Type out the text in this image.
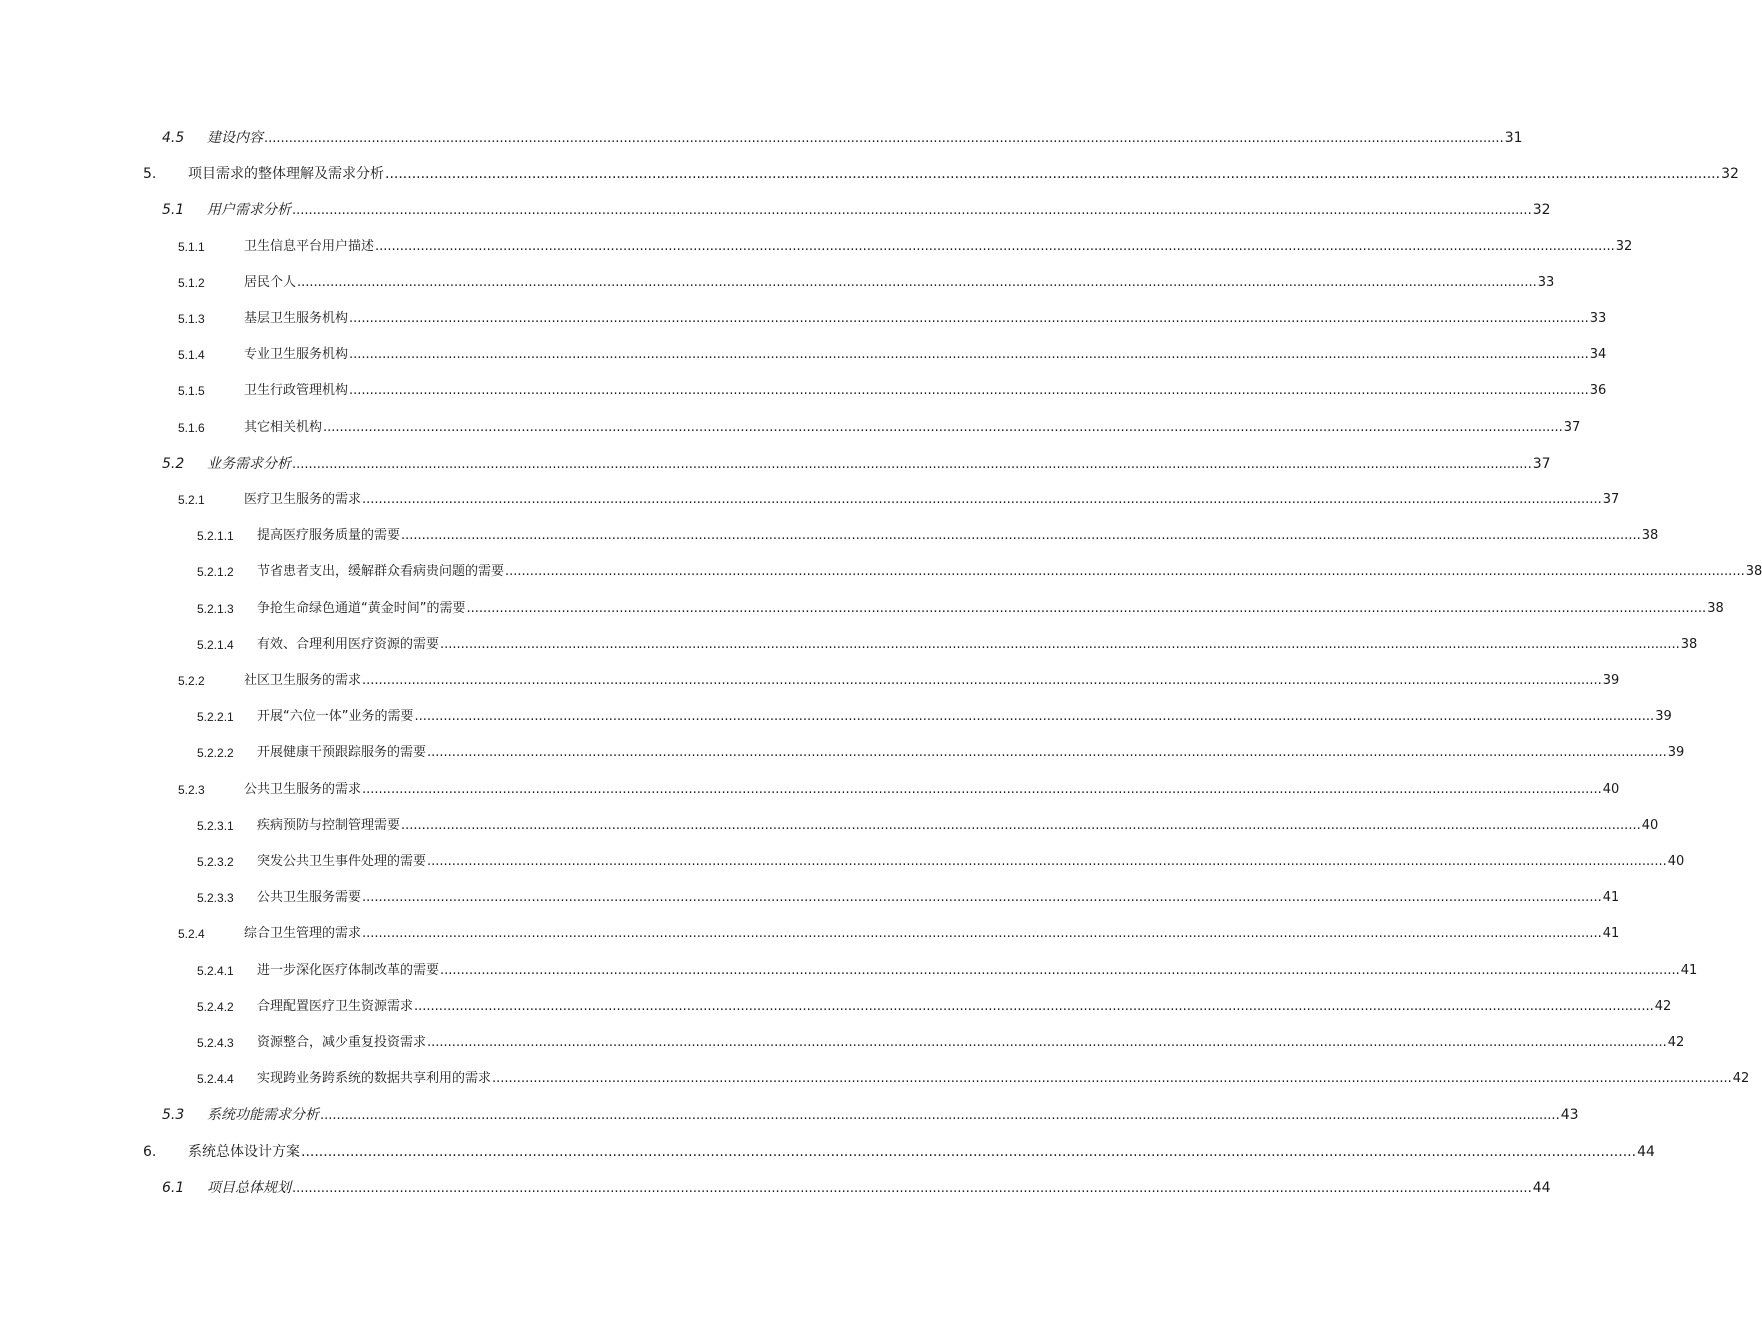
4.5 建设内容 ............................................................................................................................................................................................................................................................................................................ 31
5. 项目需求的整体理解及需求分析 ............................................................................................................................................................................................................................................................................................................ 32
5.1 用户需求分析 ............................................................................................................................................................................................................................................................................................................ 32
5.1.1	卫生信息平台用户描述 ............................................................................................................................................................................................................................................................................................................ 32
5.1.2	居民个人 ............................................................................................................................................................................................................................................................................................................ 33
5.1.3	基层卫生服务机构 ............................................................................................................................................................................................................................................................................................................ 33
5.1.4	专业卫生服务机构 ............................................................................................................................................................................................................................................................................................................ 34
5.1.5	卫生行政管理机构 ............................................................................................................................................................................................................................................................................................................ 36
5.1.6	其它相关机构 ............................................................................................................................................................................................................................................................................................................ 37
5.2 业务需求分析 ............................................................................................................................................................................................................................................................................................................ 37
5.2.1	医疗卫生服务的需求 ............................................................................................................................................................................................................................................................................................................ 37
5.2.1.1 提高医疗服务质量的需要 ............................................................................................................................................................................................................................................................................................................ 38
5.2.1.2 节省患者支出，缓解群众看病贵问题的需要 ............................................................................................................................................................................................................................................................................................................ 38
5.2.1.3 争抢生命绿色通道“黄金时间”的需要 ............................................................................................................................................................................................................................................................................................................ 38
5.2.1.4 有效、合理利用医疗资源的需要 ............................................................................................................................................................................................................................................................................................................ 38
5.2.2	社区卫生服务的需求 ............................................................................................................................................................................................................................................................................................................ 39
5.2.2.1 开展“六位一体”业务的需要 ............................................................................................................................................................................................................................................................................................................ 39
5.2.2.2 开展健康干预跟踪服务的需要 ............................................................................................................................................................................................................................................................................................................ 39
5.2.3	公共卫生服务的需求 ............................................................................................................................................................................................................................................................................................................ 40
5.2.3.1 疾病预防与控制管理需要 ............................................................................................................................................................................................................................................................................................................ 40
5.2.3.2 突发公共卫生事件处理的需要 ............................................................................................................................................................................................................................................................................................................ 40
5.2.3.3 公共卫生服务需要 ............................................................................................................................................................................................................................................................................................................ 41
5.2.4	综合卫生管理的需求 ............................................................................................................................................................................................................................................................................................................ 41
5.2.4.1 进一步深化医疗体制改革的需要 ............................................................................................................................................................................................................................................................................................................ 41
5.2.4.2 合理配置医疗卫生资源需求 ............................................................................................................................................................................................................................................................................................................ 42
5.2.4.3 资源整合，减少重复投资需求 ............................................................................................................................................................................................................................................................................................................ 42
5.2.4.4 实现跨业务跨系统的数据共享利用的需求 ............................................................................................................................................................................................................................................................................................................ 42
5.3 系统功能需求分析 ............................................................................................................................................................................................................................................................................................................ 43
6. 系统总体设计方案 ............................................................................................................................................................................................................................................................................................................ 44
6.1 项目总体规划 ............................................................................................................................................................................................................................................................................................................ 44
